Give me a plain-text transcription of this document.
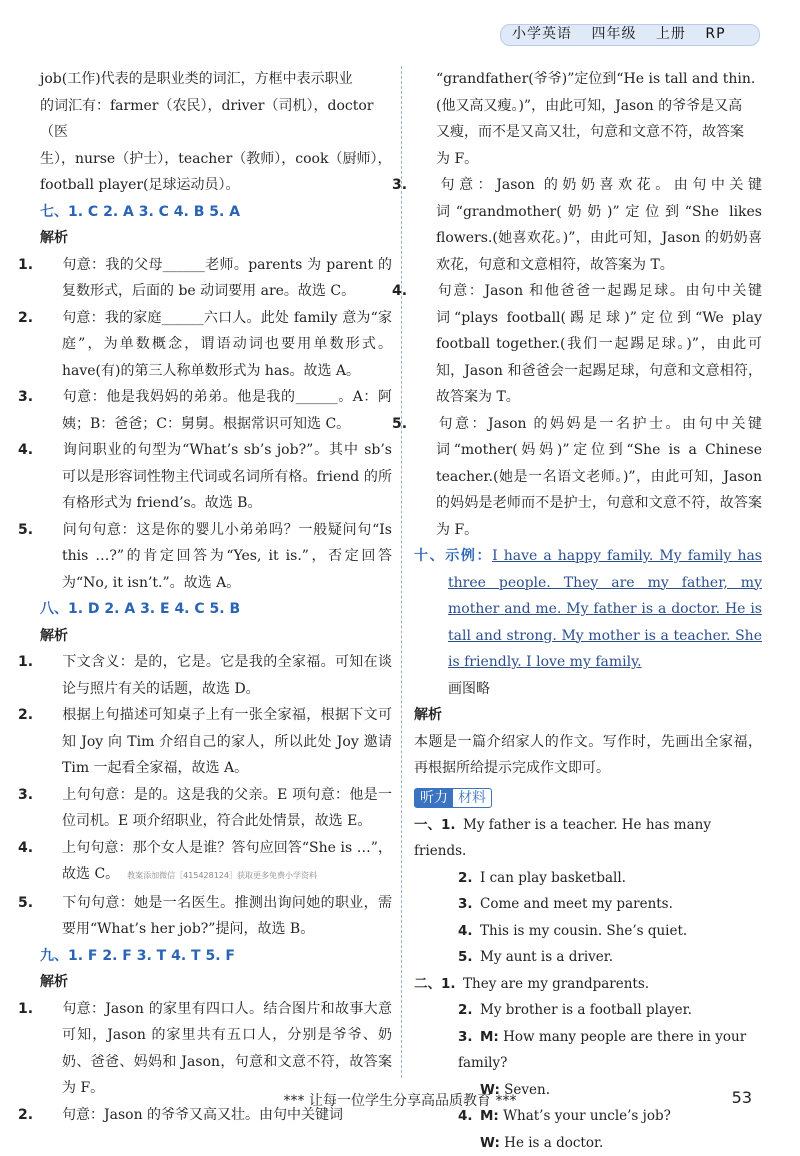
小学英语 四年级 上册 RP

job(工作)代表的是职业类的词汇，方框中表示职业

的词汇有：farmer（农民），driver（司机），doctor（医

生），nurse（护士），teacher（教师），cook（厨师），

football player(足球运动员）。

七、1. C 2. A 3. C 4. B 5. A

解析

1. 句意：我的父母______老师。parents 为 parent 的复数形式，后面的 be 动词要用 are。故选 C。

2. 句意：我的家庭______六口人。此处 family 意为“家庭”，为单数概念，谓语动词也要用单数形式。have(有)的第三人称单数形式为 has。故选 A。

3. 句意：他是我妈妈的弟弟。他是我的______。A：阿姨；B：爸爸；C：舅舅。根据常识可知选 C。

4. 询问职业的句型为“What’s sb’s job?”。其中 sb’s 可以是形容词性物主代词或名词所有格。friend 的所有格形式为 friend’s。故选 B。

5. 问句句意：这是你的婴儿小弟弟吗？一般疑问句“Is this …?”的肯定回答为“Yes, it is.”，否定回答为“No, it isn’t.”。故选 A。

八、1. D 2. A 3. E 4. C 5. B

解析

1. 下文含义：是的，它是。它是我的全家福。可知在谈论与照片有关的话题，故选 D。

2. 根据上句描述可知桌子上有一张全家福，根据下文可知 Joy 向 Tim 介绍自己的家人，所以此处 Joy 邀请 Tim 一起看全家福，故选 A。

3. 上句句意：是的。这是我的父亲。E 项句意：他是一位司机。E 项介绍职业，符合此处情景，故选 E。

4. 上句句意：那个女人是谁？答句应回答“She is …”，故选 C。 教案添加微信［415428124］获取更多免费小学资料

5. 下句句意：她是一名医生。推测出询问她的职业，需要用“What’s her job?”提问，故选 B。

九、1. F 2. F 3. T 4. T 5. F

解析

1. 句意：Jason 的家里有四口人。结合图片和故事大意可知，Jason 的家里共有五口人，分别是爷爷、奶奶、爸爸、妈妈和 Jason，句意和文意不符，故答案为 F。

2. 句意：Jason 的爷爷又高又壮。由句中关键词

“grandfather(爷爷)”定位到“He is tall and thin.

(他又高又瘦。)”，由此可知，Jason 的爷爷是又高

又瘦，而不是又高又壮，句意和文意不符，故答案

为 F。

3. 句意：Jason 的奶奶喜欢花。由句中关键词“grandmother(奶奶)”定位到“She likes flowers.(她喜欢花。)”，由此可知，Jason 的奶奶喜欢花，句意和文意相符，故答案为 T。

4. 句意：Jason 和他爸爸一起踢足球。由句中关键词“plays football(踢足球)”定位到“We play football together.(我们一起踢足球。)”，由此可知，Jason 和爸爸会一起踢足球，句意和文意相符，故答案为 T。

5. 句意：Jason 的妈妈是一名护士。由句中关键词“mother(妈妈)”定位到“She is a Chinese teacher.(她是一名语文老师。)”，由此可知，Jason 的妈妈是老师而不是护士，句意和文意不符，故答案为 F。

十、示例：I have a happy family. My family has three people. They are my father, my mother and me. My father is a doctor. He is tall and strong. My mother is a teacher. She is friendly. I love my family.

画图略

解析

本题是一篇介绍家人的作文。写作时，先画出全家福，再根据所给提示完成作文即可。

听力 材料

一、1. My father is a teacher. He has many friends.

2. I can play basketball.

3. Come and meet my parents.

4. This is my cousin. She’s quiet.

5. My aunt is a driver.

二、1. They are my grandparents.

2. My brother is a football player.

3. M: How many people are there in your family?

W: Seven.

4. M: What’s your uncle’s job?

W: He is a doctor.

*** 让每一位学生分享高品质教育 ***	53
